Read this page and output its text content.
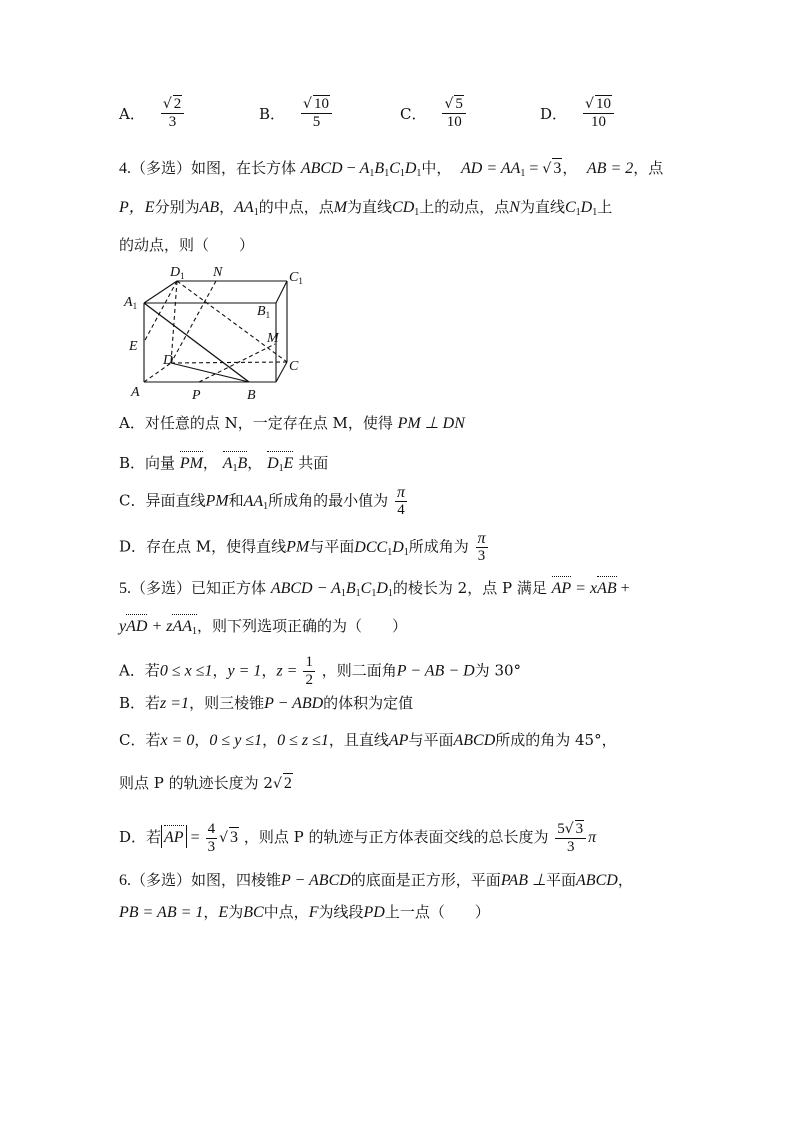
A． $\frac{√ 2}{3}$	B． $\frac{√ 10}{5}$	C． $\frac{√ 5}{10}$	D． $\frac{√ 10}{10}$
4.（多选）如图，在长方体 ABCD − $A_1B_1C_1D_1$中， AD = $AA_1$ = √ 3， AB = 2，点
P，E分别为AB，$AA_1$的中点，点M为直线$CD_1$上的动点，点N为直线$C_1D_1$上
的动点，则（　　）
$D_1$ N	$C_1$
$A_1$	$B_1$
E
M
D	C
A	P	B
A．对任意的点 N，一定存在点 M，使得 PM ⊥ DN
B．向量 PM， $A_1B$， $D_1E$ 共面
C．异面直线PM和$AA_1$所成角的最小值为 $\frac{\pi}{4}$
D．存在点 M，使得直线PM与平面$DCC_1D_1$所成角为 $\frac{\pi}{3}$
5.（多选）已知正方体 ABCD − $A_1B_1C_1D_1$的棱长为 2，点 P 满足 AP = xAB +
yAD + zAA$_1$，则下列选项正确的为（　　）
A．若0 ≤ x ≤1，y = 1，$z = \frac{1}{2}$ ，则二面角P − AB − D为 30°
B．若z =1，则三棱锥P − ABD的体积为定值
C．若x = 0，0 ≤ y ≤1，0 ≤ z ≤1，且直线AP与平面ABCD所成的角为 45°，
则点 P 的轨迹长度为 2√ 2
D．若 AP = $\frac{4}{3}$ √ 3 ，则点 P 的轨迹与正方体表面交线的总长度为 $\frac{5√ 3}{3}$ π
6.（多选）如图，四棱锥P − ABCD的底面是正方形，平面PAB ⊥平面ABCD，
PB = AB = 1，E为BC中点，F为线段PD上一点（　　）
